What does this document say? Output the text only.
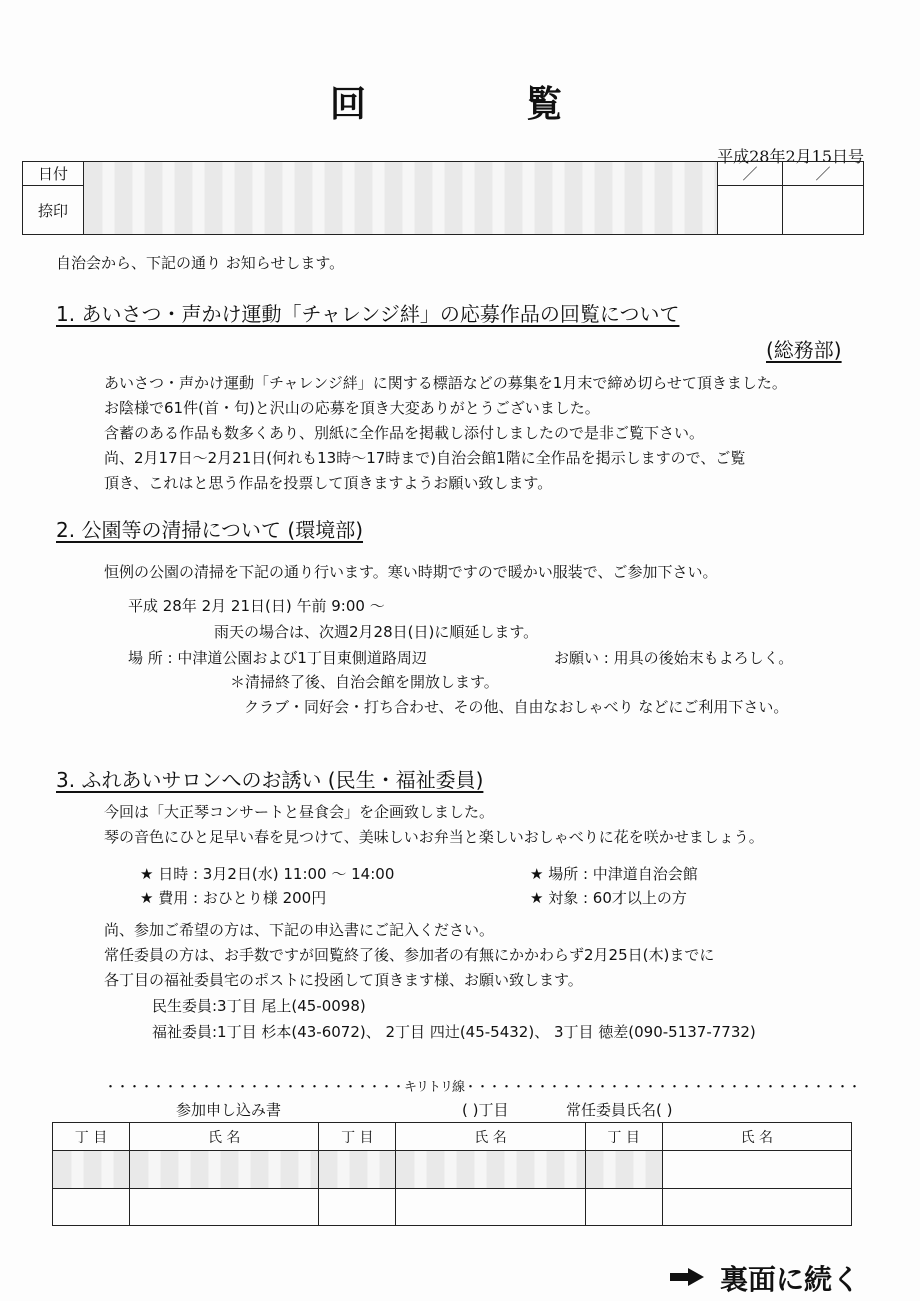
回覧
平成28年2月15日号
日付		／	／
捺印			
自治会から、下記の通り お知らせします。
1. あいさつ・声かけ運動「チャレンジ絆」の応募作品の回覧について
(総務部)
あいさつ・声かけ運動「チャレンジ絆」に関する標語などの募集を1月末で締め切らせて頂きました。
お陰様で61件(首・句)と沢山の応募を頂き大変ありがとうございました。
含蓄のある作品も数多くあり、別紙に全作品を掲載し添付しましたので是非ご覧下さい。
尚、2月17日～2月21日(何れも13時～17時まで)自治会館1階に全作品を掲示しますので、ご覧
頂き、これはと思う作品を投票して頂きますようお願い致します。
2. 公園等の清掃について (環境部)
恒例の公園の清掃を下記の通り行います。寒い時期ですので暖かい服装で、ご参加下さい。
平成 28年 2月 21日(日) 午前 9:00 ～
雨天の場合は、次週2月28日(日)に順延します。
場 所 : 中津道公園および1丁目東側道路周辺	お願い : 用具の後始末もよろしく。
＊清掃終了後、自治会館を開放します。
クラブ・同好会・打ち合わせ、その他、自由なおしゃべり などにご利用下さい。
3. ふれあいサロンへのお誘い (民生・福祉委員)
今回は「大正琴コンサートと昼食会」を企画致しました。
琴の音色にひと足早い春を見つけて、美味しいお弁当と楽しいおしゃべりに花を咲かせましょう。
★ 日時 : 3月2日(水) 11:00 ～ 14:00
★ 費用 : おひとり様 200円
★ 場所 : 中津道自治会館
★ 対象 : 60才以上の方
尚、参加ご希望の方は、下記の申込書にご記入ください。
常任委員の方は、お手数ですが回覧終了後、参加者の有無にかかわらず2月25日(木)までに
各丁目の福祉委員宅のポストに投函して頂きます様、お願い致します。
民生委員:3丁目 尾上(45-0098)
福祉委員:1丁目 杉本(43-6072)、 2丁目 四辻(45-5432)、 3丁目 徳差(090-5137-7732)
・・・・・・・・・・・・・・・・・・・・・・・・・キリトリ線・・・・・・・・・・・・・・・・・・・・・・・・・・・・・・・・・
参加申し込み書	( )丁目	常任委員氏名( )
丁 目	氏 名	丁 目	氏 名	丁 目	氏 名

裏面に続く
